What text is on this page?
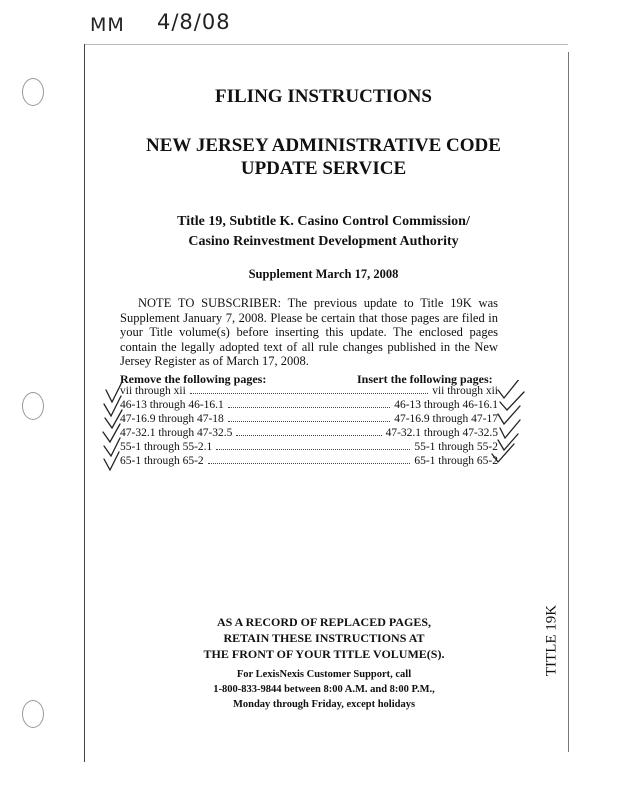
MM 4/8/08
FILING INSTRUCTIONS
NEW JERSEY ADMINISTRATIVE CODE
UPDATE SERVICE
Title 19, Subtitle K. Casino Control Commission/
Casino Reinvestment Development Authority
Supplement March 17, 2008
NOTE TO SUBSCRIBER: The previous update to Title 19K was Supplement January 7, 2008. Please be certain that those pages are filed in your Title volume(s) before inserting this update. The enclosed pages contain the legally adopted text of all rule changes published in the New Jersey Register as of March 17, 2008.
Remove the following pages:	Insert the following pages:
vii through xii	vii through xii
46-13 through 46-16.1	46-13 through 46-16.1
47-16.9 through 47-18	47-16.9 through 47-17
47-32.1 through 47-32.5	47-32.1 through 47-32.5
55-1 through 55-2.1	55-1 through 55-2
65-1 through 65-2	65-1 through 65-2
AS A RECORD OF REPLACED PAGES,
RETAIN THESE INSTRUCTIONS AT
THE FRONT OF YOUR TITLE VOLUME(S).
For LexisNexis Customer Support, call
1-800-833-9844 between 8:00 A.M. and 8:00 P.M.,
Monday through Friday, except holidays
TITLE 19K
